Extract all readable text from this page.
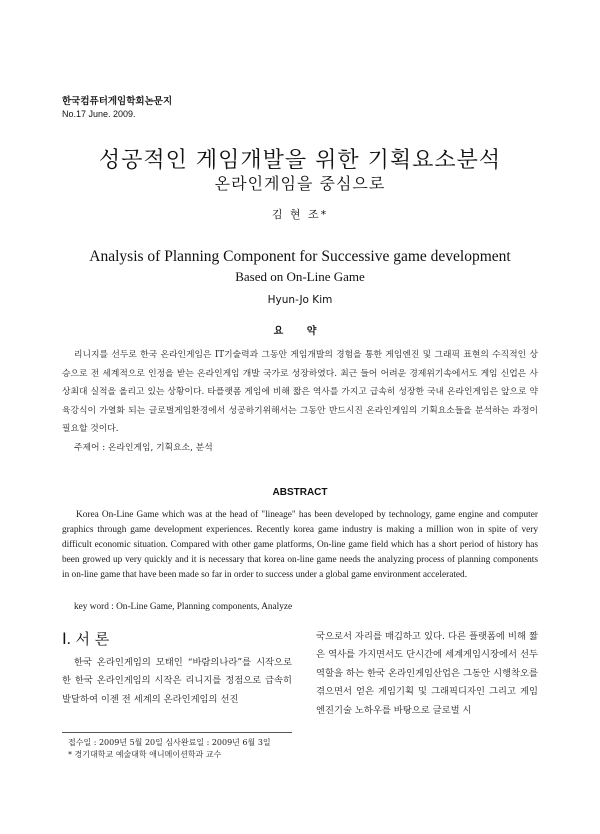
한국컴퓨터게임학회논문지
No.17 June. 2009.
성공적인 게임개발을 위한 기획요소분석
온라인게임을 중심으로
김 현 조*
Analysis of Planning Component for Successive game development
Based on On-Line Game
Hyun-Jo Kim
요 약
리니지를 선두로 한국 온라인게임은 IT기술력과 그동안 게임개발의 경험을 통한 게임엔진 및 그래픽 표현의 수직적인 상승으로 전 세계적으로 인정을 받는 온라인게임 개발 국가로 성장하였다. 최근 들어 어려운 경제위기속에서도 게임 신업은 사상최대 실적을 올리고 있는 상황이다. 타플랫폼 게임에 비해 짧은 역사를 가지고 급속히 성장한 국내 온라인게임은 앞으로 약육강식이 가열화 되는 글로벌게임환경에서 성공하기위해서는 그동안 반드시진 온라인게임의 기획요소들을 분석하는 과정이 필요할 것이다.
주제어 : 온라인게임, 기획요소, 분석
ABSTRACT
Korea On-Line Game which was at the head of "lineage" has been developed by technology, game engine and computer graphics through game development experiences. Recently korea game industry is making a million won in spite of very difficult economic situation. Compared with other game platforms, On-line game field which has a short period of history has been growed up very quickly and it is necessary that korea on-line game needs the analyzing process of planning components in on-line game that have been made so far in order to success under a global game environment accelerated.
key word : On-Line Game, Planning components, Analyze
Ⅰ. 서 론
한국 온라인게임의 모태인 “바람의나라”를 시작으로 한 한국 온라인게임의 시작은 리니지를 정점으로 급속히 발달하여 이젠 전 세계의 온라인게임의 선진
국으로서 자리를 매김하고 있다. 다른 플랫폼에 비해 짧은 역사를 가지면서도 단시간에 세계게임시장에서 선두역할을 하는 한국 온라인게임산업은 그동안 시행착오를 겪으면서 얻은 게임기획 및 그래픽디자인 그리고 게임엔진기술 노하우를 바탕으로 글로벌 시
접수일 : 2009년 5월 20일 심사완료일 : 2009년 6월 3일
* 경기대학교 예술대학 애니메이션학과 교수
